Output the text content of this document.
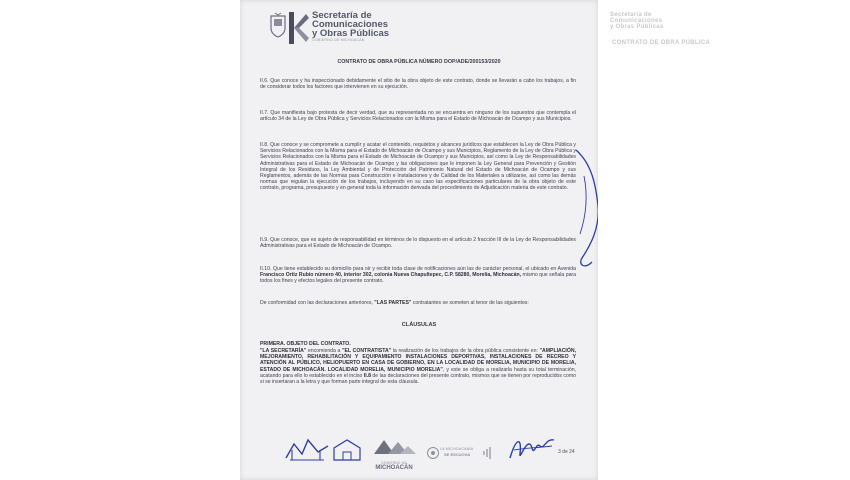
Secretaría de
Comunicaciones
y Obras Públicas
CONTRATO DE OBRA PÚBLICA
Secretaría de
Comunicaciones
y Obras Públicas
GOBIERNO DE MICHOACÁN
CONTRATO DE OBRA PÚBLICA NÚMERO DOP/ADE/200153/2020
II.6. Que conoce y ha inspeccionado debidamente el sitio de la obra objeto de este contrato, donde se llevarán a cabo los trabajos, a fin de considerar todos los factores que intervienen en su ejecución.
II.7. Que manifiesta bajo protesta de decir verdad, que su representada no se encuentra en ninguno de los supuestos que contempla el artículo 34 de la Ley de Obra Pública y Servicios Relacionados con la Misma para el Estado de Michoacán de Ocampo y sus Municipios.
II.8. Que conoce y se compromete a cumplir y acatar el contenido, requisitos y alcances jurídicos que establecen la Ley de Obra Pública y Servicios Relacionados con la Misma para el Estado de Michoacán de Ocampo y sus Municipios, Reglamento de la Ley de Obra Pública y Servicios Relacionados con la Misma para el Estado de Michoacán de Ocampo y sus Municipios, así como la Ley de Responsabilidades Administrativas para el Estado de Michoacán de Ocampo y las obligaciones que le imponen la Ley General para Prevención y Gestión Integral de los Residuos, la Ley Ambiental y de Protección del Patrimonio Natural del Estado de Michoacán de Ocampo y sus Reglamentos, además de las Normas para Construcción e Instalaciones y de Calidad de los Materiales a utilizarse, así como las demás normas que regulan la ejecución de los trabajos, incluyendo en su caso las especificaciones particulares de la obra objeto de este contrato, programa, presupuesto y en general toda la información derivada del procedimiento de Adjudicación materia de este contrato.
II.9. Que conoce, que es sujeto de responsabilidad en términos de lo dispuesto en el artículo 2 fracción III de la Ley de Responsabilidades Administrativas para el Estado de Michoacán de Ocampo.
II.10. Que tiene establecido su domicilio para oír y recibir toda clase de notificaciones aún las de carácter personal, el ubicado en Avenida Francisco Ortiz Rubio número 40, interior 302, colonia Nueva Chapultepec, C.P. 58280, Morelia, Michoacán, mismo que señala para todos los fines y efectos legales del presente contrato.
De conformidad con las declaraciones anteriores, "LAS PARTES" contratantes se someten al tenor de las siguientes:
CLÁUSULAS
PRIMERA. OBJETO DEL CONTRATO.
"LA SECRETARÍA" encomienda a "EL CONTRATISTA" la realización de los trabajos de la obra pública consistente en: "AMPLIACIÓN, MEJORAMIENTO, REHABILITACIÓN Y EQUIPAMIENTO INSTALACIONES DEPORTIVAS, INSTALACIONES DE RECREO Y ATENCIÓN AL PÚBLICO, HELIOPUERTO EN CASA DE GOBIERNO, EN LA LOCALIDAD DE MORELIA, MUNICIPIO DE MORELIA, ESTADO DE MICHOACÁN. LOCALIDAD MORELIA, MUNICIPIO MORELIA", y este se obliga a realizarla hasta su total terminación, acatando para ello lo establecido en el inciso II.8 de las declaraciones del presente contrato, mismos que se tienen por reproducidos como si se insertaran a la letra y que forman parte integral de esta cláusula.
GOBIERNO DE
MICHOACÁN
LA MICHOACANÍA
SE ESCUCHA	3 de 24
